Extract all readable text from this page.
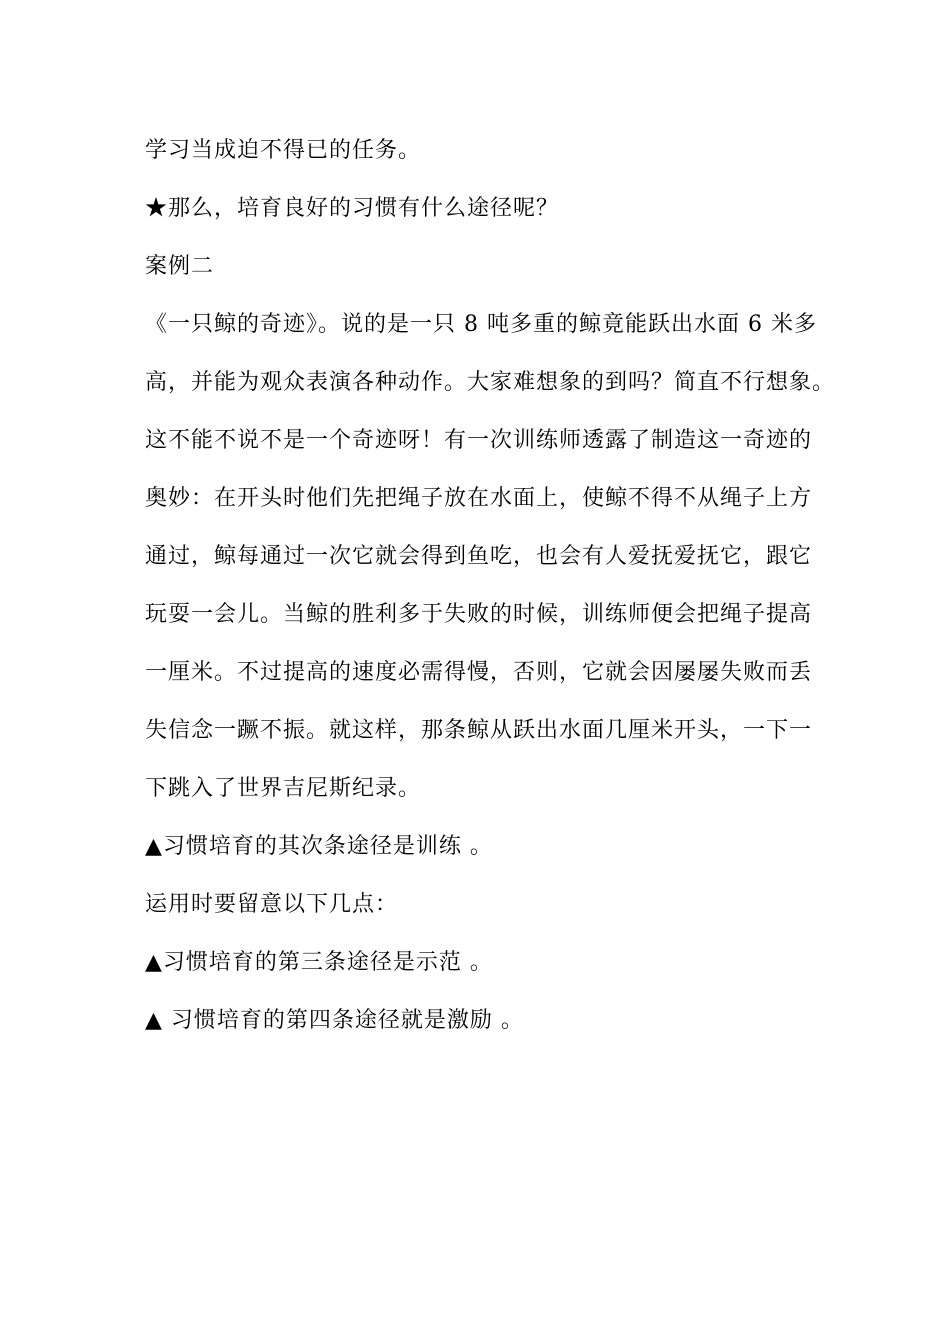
学习当成迫不得已的任务。
★那么，培育良好的习惯有什么途径呢？
案例二
《一只鲸的奇迹》。说的是一只 8 吨多重的鲸竟能跃出水面 6 米多
高，并能为观众表演各种动作。大家难想象的到吗？简直不行想象。
这不能不说不是一个奇迹呀！有一次训练师透露了制造这一奇迹的
奥妙：在开头时他们先把绳子放在水面上，使鲸不得不从绳子上方
通过，鲸每通过一次它就会得到鱼吃，也会有人爱抚爱抚它，跟它
玩耍一会儿。当鲸的胜利多于失败的时候，训练师便会把绳子提高
一厘米。不过提高的速度必需得慢，否则，它就会因屡屡失败而丢
失信念一蹶不振。就这样，那条鲸从跃出水面几厘米开头，一下一
下跳入了世界吉尼斯纪录。
▲习惯培育的其次条途径是训练 。
运用时要留意以下几点：
▲习惯培育的第三条途径是示范 。
▲ 习惯培育的第四条途径就是激励 。
